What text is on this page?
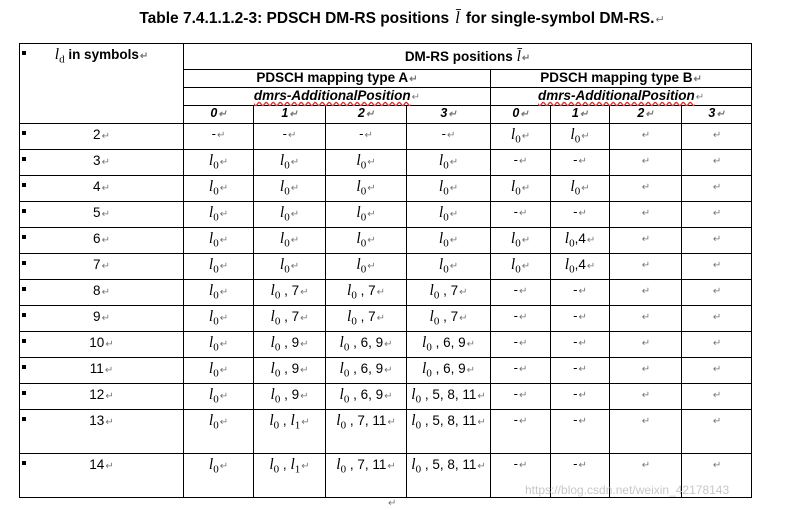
Table 7.4.1.1.2-3: PDSCH DM-RS positions l̄ for single-symbol DM-RS.↵
$l_d$ in symbols↵	DM-RS positions l̄↵							
	PDSCH mapping type A↵				PDSCH mapping type B↵			
	dmrs-AdditionalPosition↵				dmrs-AdditionalPosition↵			
	0↵	1↵	2↵	3↵	0↵	1↵	2↵	3↵

2↵	-↵	-↵	-↵	-↵	$l_0↵$	$l_0↵$	↵	↵

3↵	$l_0↵$	$l_0↵$	$l_0↵$	$l_0↵$	-↵	-↵	↵	↵

4↵	$l_0↵$	$l_0↵$	$l_0↵$	$l_0↵$	$l_0↵$	$l_0↵$	↵	↵

5↵	$l_0↵$	$l_0↵$	$l_0↵$	$l_0↵$	-↵	-↵	↵	↵

6↵	$l_0↵$	$l_0↵$	$l_0↵$	$l_0↵$	$l_0↵$	$l_0,4↵$	↵	↵

7↵	$l_0↵$	$l_0↵$	$l_0↵$	$l_0↵$	$l_0↵$	$l_0,4↵$	↵	↵

8↵	$l_0↵$	$l_0$ , 7↵	$l_0$ , 7↵	$l_0$ , 7↵	-↵	-↵	↵	↵

9↵	$l_0↵$	$l_0$ , 7↵	$l_0$ , 7↵	$l_0$ , 7↵	-↵	-↵	↵	↵

10↵	$l_0↵$	$l_0$ , 9↵	$l_0$ , 6, 9↵	$l_0$ , 6, 9↵	-↵	-↵	↵	↵

11↵	$l_0↵$	$l_0$ , 9↵	$l_0$ , 6, 9↵	$l_0$ , 6, 9↵	-↵	-↵	↵	↵

12↵	$l_0↵$	$l_0$ , 9↵	$l_0$ , 6, 9↵	$l_0$ , 5, 8, 11↵	-↵	-↵	↵	↵

13↵	$l_0↵$	$l_0$ , $l_1↵$	$l_0$ , 7, 11↵	$l_0$ , 5, 8, 11↵	-↵	-↵	↵	↵

14↵	$l_0↵$	$l_0$ , $l_1↵$	$l_0$ , 7, 11↵	$l_0$ , 5, 8, 11↵	-↵	-↵	↵	↵
https://blog.csdn.net/weixin_42178143
↵
